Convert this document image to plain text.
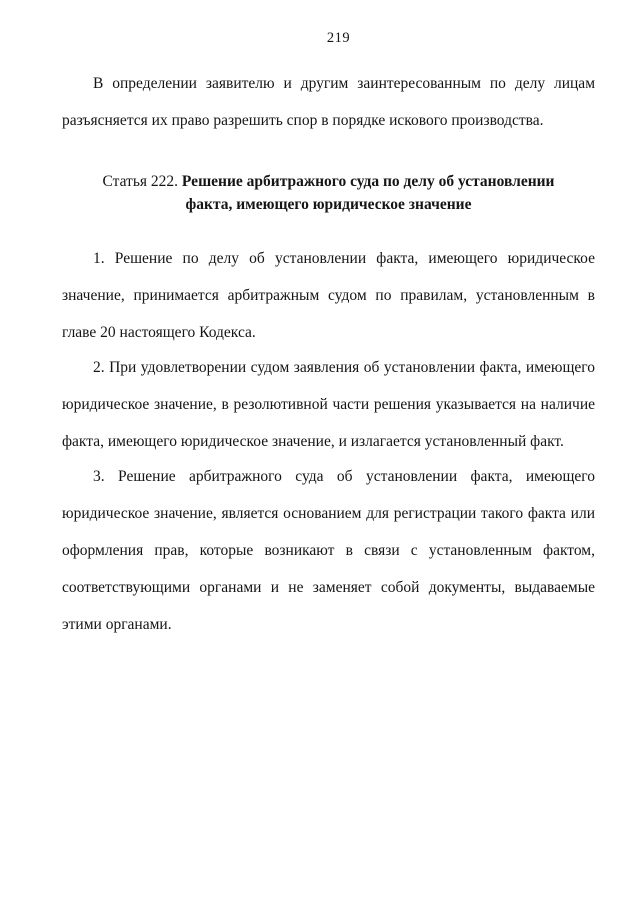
219
В определении заявителю и другим заинтересованным по делу лицам
разъясняется их право разрешить спор в порядке искового производства.
Статья 222. Решение арбитражного суда по делу об установлении
факта, имеющего юридическое значение
1. Решение по делу об установлении факта, имеющего юридическое
значение, принимается арбитражным судом по правилам, установленным в
главе 20 настоящего Кодекса.
2. При удовлетворении судом заявления об установлении факта, имеющего
юридическое значение, в резолютивной части решения указывается на наличие
факта, имеющего юридическое значение, и излагается установленный факт.
3. Решение арбитражного суда об установлении факта, имеющего
юридическое значение, является основанием для регистрации такого факта или
оформления прав, которые возникают в связи с установленным фактом,
соответствующими органами и не заменяет собой документы, выдаваемые
этими органами.
